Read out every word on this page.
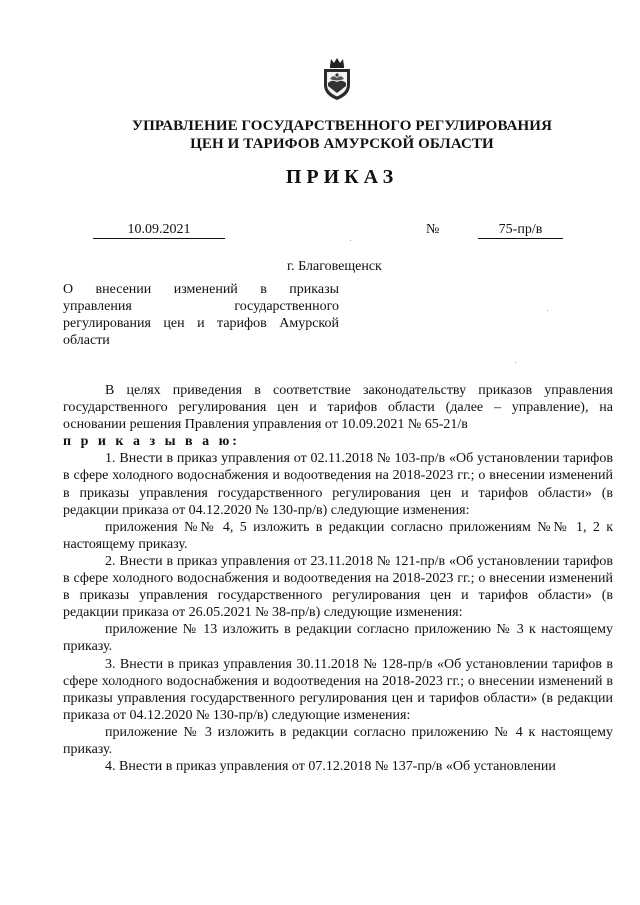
УПРАВЛЕНИЕ ГОСУДАРСТВЕННОГО РЕГУЛИРОВАНИЯ
ЦЕН И ТАРИФОВ АМУРСКОЙ ОБЛАСТИ
ПРИКАЗ
10.09.2021	№	75-пр/в
г. Благовещенск
О внесении изменений в приказы
управления государственного
регулирования цен и тарифов Амурской
области

В целях приведения в соответствие законодательству приказов управления государственного регулирования цен и тарифов области (далее – управление), на основании решения Правления управления от 10.09.2021 № 65-21/в

п р и к а з ы в а ю:

1. Внести в приказ управления от 02.11.2018 № 103-пр/в «Об установлении тарифов в сфере холодного водоснабжения и водоотведения на 2018-2023 гг.; о внесении изменений в приказы управления государственного регулирования цен и тарифов области» (в редакции приказа от 04.12.2020 № 130-пр/в) следующие изменения:

приложения №№ 4, 5 изложить в редакции согласно приложениям №№ 1, 2 к настоящему приказу.

2. Внести в приказ управления от 23.11.2018 № 121-пр/в «Об установлении тарифов в сфере холодного водоснабжения и водоотведения на 2018-2023 гг.; о внесении изменений в приказы управления государственного регулирования цен и тарифов области» (в редакции приказа от 26.05.2021 № 38-пр/в) следующие изменения:

приложение № 13 изложить в редакции согласно приложению № 3 к настоящему приказу.

3. Внести в приказ управления 30.11.2018 № 128-пр/в «Об установлении тарифов в сфере холодного водоснабжения и водоотведения на 2018-2023 гг.; о внесении изменений в приказы управления государственного регулирования цен и тарифов области» (в редакции приказа от 04.12.2020 № 130-пр/в) следующие изменения:

приложение № 3 изложить в редакции согласно приложению № 4 к настоящему приказу.

4. Внести в приказ управления от 07.12.2018 № 137-пр/в «Об установлении
